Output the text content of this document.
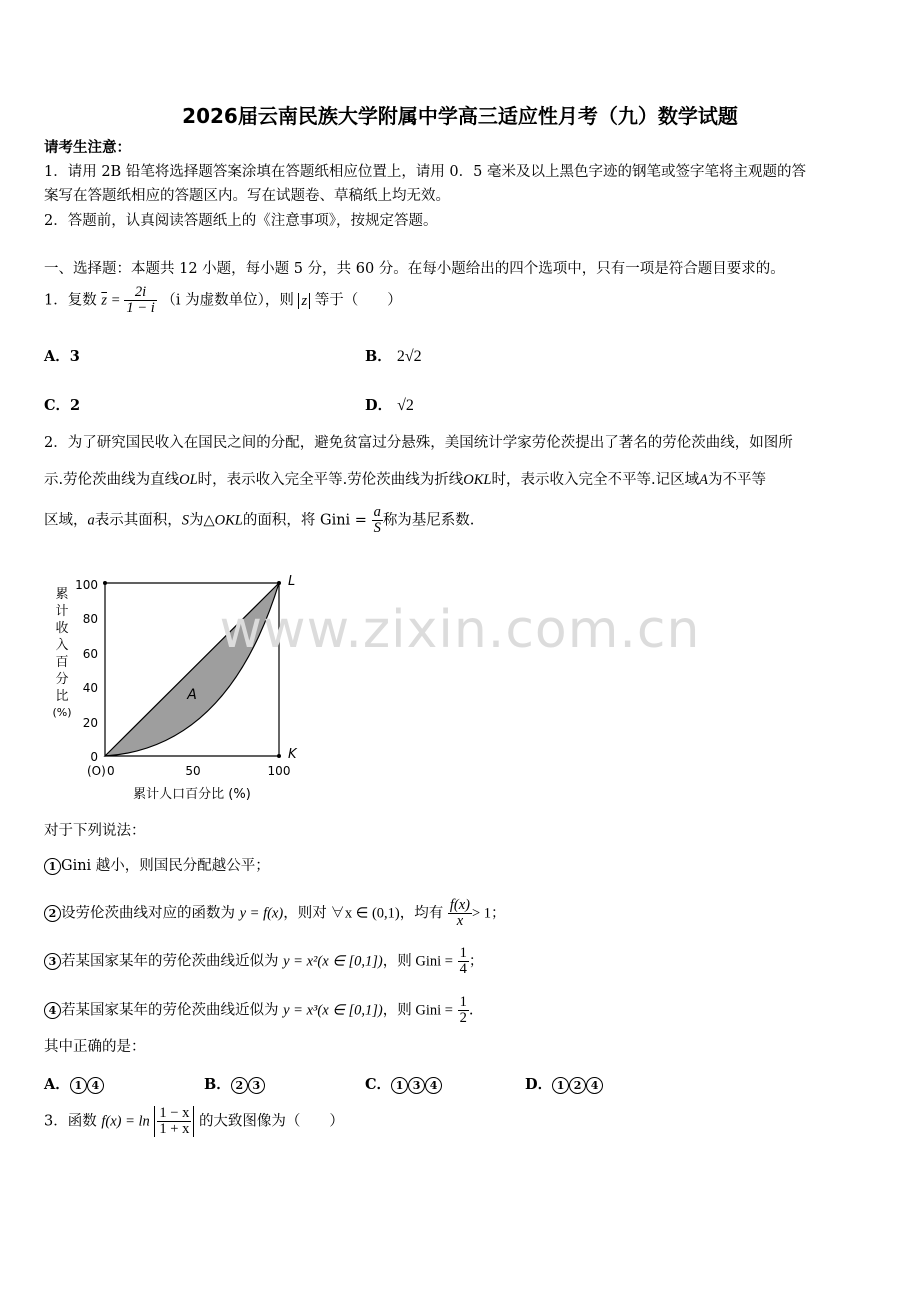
2026届云南民族大学附属中学高三适应性月考（九）数学试题
请考生注意：
1．请用 2B 铅笔将选择题答案涂填在答题纸相应位置上，请用 0．5 毫米及以上黑色字迹的钢笔或签字笔将主观题的答
案写在答题纸相应的答题区内。写在试题卷、草稿纸上均无效。
2．答题前，认真阅读答题纸上的《注意事项》，按规定答题。
一、选择题：本题共 12 小题，每小题 5 分，共 60 分。在每小题给出的四个选项中，只有一项是符合题目要求的。
1．复数 $\overline{z} = \frac{2i}{1 - i} (i$ 为虚数单位），则 z 等于（　　）
A．3	B． 2√2
C．2	D． √2
2．为了研究国民收入在国民之间的分配，避免贫富过分悬殊，美国统计学家劳伦茨提出了著名的劳伦茨曲线，如图所
示.劳伦茨曲线为直线OL时，表示收入完全平等.劳伦茨曲线为折线OKL时，表示收入完全不平等.记区域A为不平等
区域，a表示其面积，S为△OKL的面积，将 Gini = $\frac{a}{S}$ 称为基尼系数.
累
计
收
入
百
分
比
(%)
100
80
60
40
20
0
L
K
A
(O) 0	50	100
累计人口百分比 (%)
www.zixin.com.cn
对于下列说法：
1 Gini 越小，则国民分配越公平；
2 设劳伦茨曲线对应的函数为 y = f(x)，则对 ∀x ∈ (0,1)，均有 $\frac{f(x)}{x} > 1$；
3 若某国家某年的劳伦茨曲线近似为 y = x²(x ∈ [0,1])，则 Gini = $\frac{1}{4}$ ；
4 若某国家某年的劳伦茨曲线近似为 y = x³(x ∈ [0,1])，则 Gini = $\frac{1}{2}$ .
其中正确的是：
A． 1 4	B． 2 3	C． 1 3 4	D． 1 2 4
3．函数 $f(x) = \ln \frac{1 - x}{1 + x}$ 的大致图像为（　　）
